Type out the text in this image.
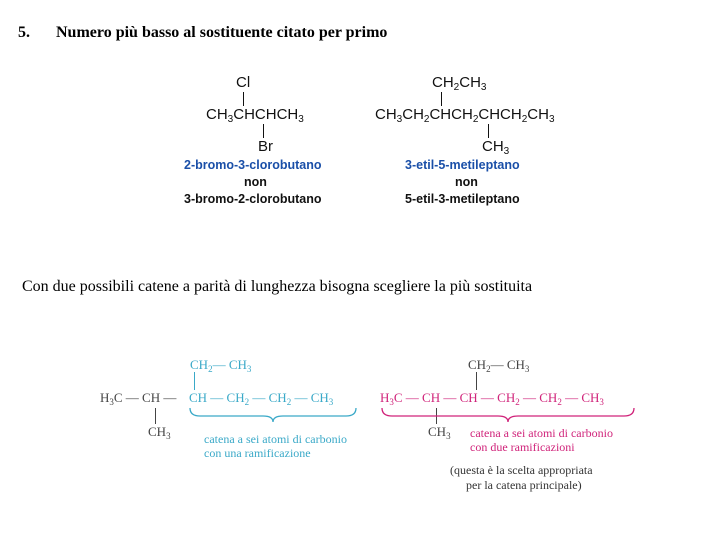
5. Numero più basso al sostituente citato per primo
Cl
$CH_3CHCHCH_3$
Br
2-bromo-3-clorobutano
non
3-bromo-2-clorobutano
$CH_2CH_3$
$CH_3CH_2CHCH_2CHCH_2CH_3$
$CH_3$
3-etil-5-metileptano
non
5-etil-3-metileptano
Con due possibili catene a parità di lunghezza bisogna scegliere la più sostituita
$CH_2—$ $CH_3$
$H_3C$ — CH — CH — $CH_2$ — $CH_2$ — $CH_3$
$CH_3$	catena a sei atomi di carbonio
con una ramificazione
$CH_2—$ $CH_3$
$H_3C$ — CH — CH — $CH_2$ — $CH_2$ — $CH_3$
$CH_3$ catena a sei atomi di carbonio
con due ramificazioni
(questa è la scelta appropriata
per la catena principale)
